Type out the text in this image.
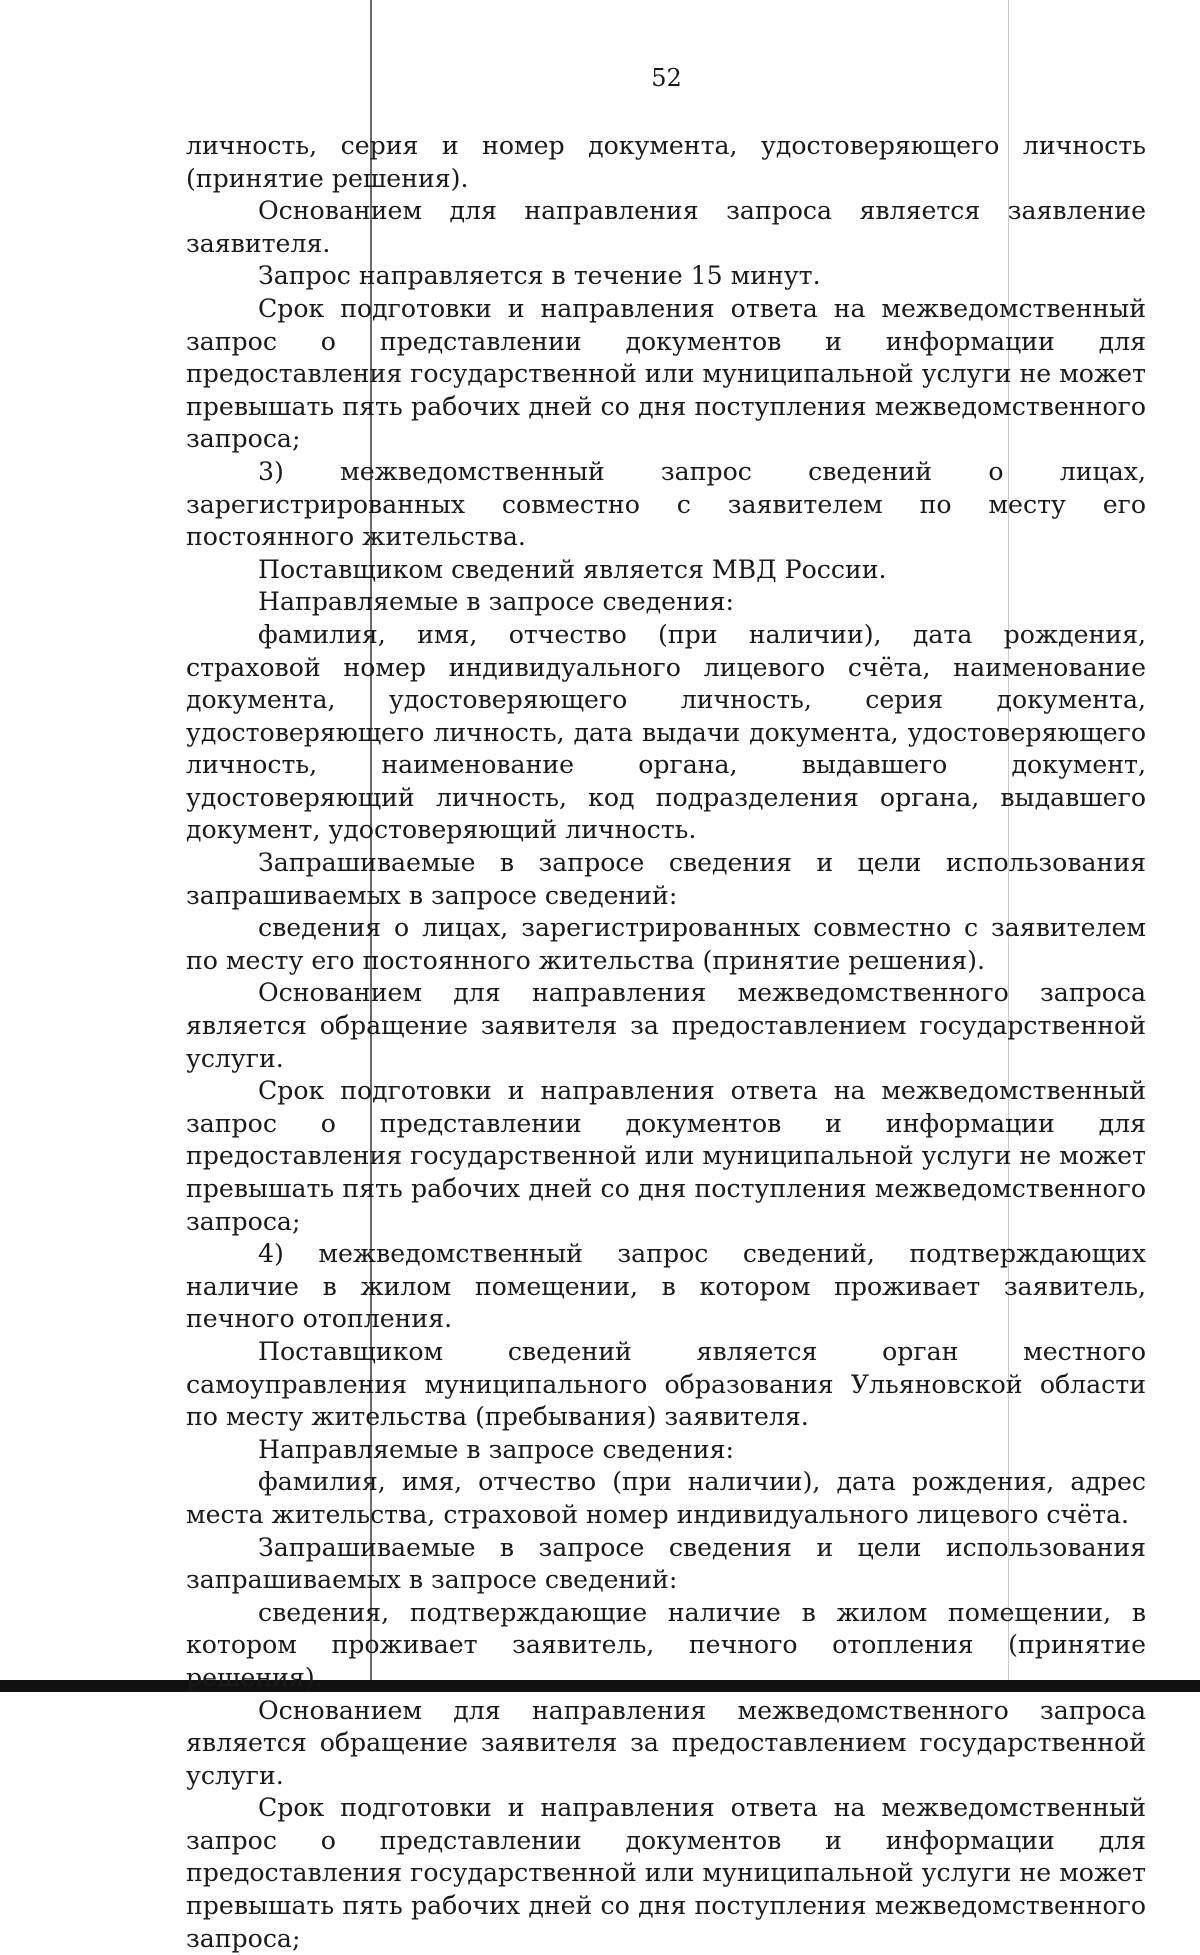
52

личность, серия и номер документа, удостоверяющего личность (принятие решения).

Основанием для направления запроса является заявление заявителя.

Запрос направляется в течение 15 минут.

Срок подготовки и направления ответа на межведомственный запрос о представлении документов и информации для предоставления государственной или муниципальной услуги не может превышать пять рабочих дней со дня поступления межведомственного запроса;

3) межведомственный запрос сведений о лицах, зарегистрированных совместно с заявителем по месту его постоянного жительства.

Поставщиком сведений является МВД России.

Направляемые в запросе сведения:

фамилия, имя, отчество (при наличии), дата рождения, страховой номер индивидуального лицевого счёта, наименование документа, удостоверяющего личность, серия документа, удостоверяющего личность, дата выдачи документа, удостоверяющего личность, наименование органа, выдавшего документ, удостоверяющий личность, код подразделения органа, выдавшего документ, удостоверяющий личность.

Запрашиваемые в запросе сведения и цели использования запрашиваемых в запросе сведений:

сведения о лицах, зарегистрированных совместно с заявителем по месту его постоянного жительства (принятие решения).

Основанием для направления межведомственного запроса является обращение заявителя за предоставлением государственной услуги.

Срок подготовки и направления ответа на межведомственный запрос о представлении документов и информации для предоставления государственной или муниципальной услуги не может превышать пять рабочих дней со дня поступления межведомственного запроса;

4) межведомственный запрос сведений, подтверждающих наличие в жилом помещении, в котором проживает заявитель, печного отопления.

Поставщиком сведений является орган местного самоуправления муниципального образования Ульяновской области по месту жительства (пребывания) заявителя.

Направляемые в запросе сведения:

фамилия, имя, отчество (при наличии), дата рождения, адрес места жительства, страховой номер индивидуального лицевого счёта.

Запрашиваемые в запросе сведения и цели использования запрашиваемых в запросе сведений:

сведения, подтверждающие наличие в жилом помещении, в котором проживает заявитель, печного отопления (принятие решения).

Основанием для направления межведомственного запроса является обращение заявителя за предоставлением государственной услуги.

Срок подготовки и направления ответа на межведомственный запрос о представлении документов и информации для предоставления государственной или муниципальной услуги не может превышать пять рабочих дней со дня поступления межведомственного запроса;
